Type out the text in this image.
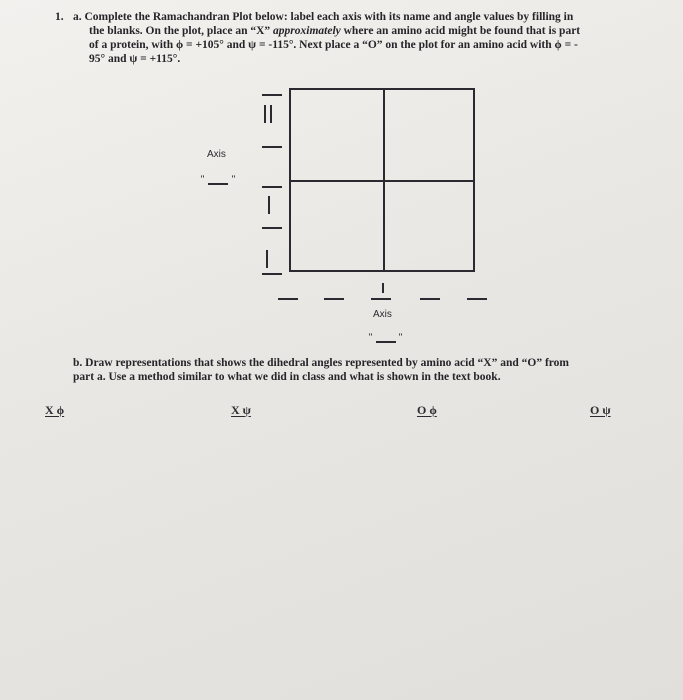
1. a. Complete the Ramachandran Plot below: label each axis with its name and angle values by filling in
the blanks. On the plot, place an “X” approximately where an amino acid might be found that is part
of a protein, with ϕ = +105° and ψ = -115°. Next place a “O” on the plot for an amino acid with ϕ = -
95° and ψ = +115°.
Axis
"	"
Axis
"	"
b. Draw representations that shows the dihedral angles represented by amino acid “X” and “O” from
part a. Use a method similar to what we did in class and what is shown in the text book.
X ϕ	X ψ	O ϕ	O ψ
